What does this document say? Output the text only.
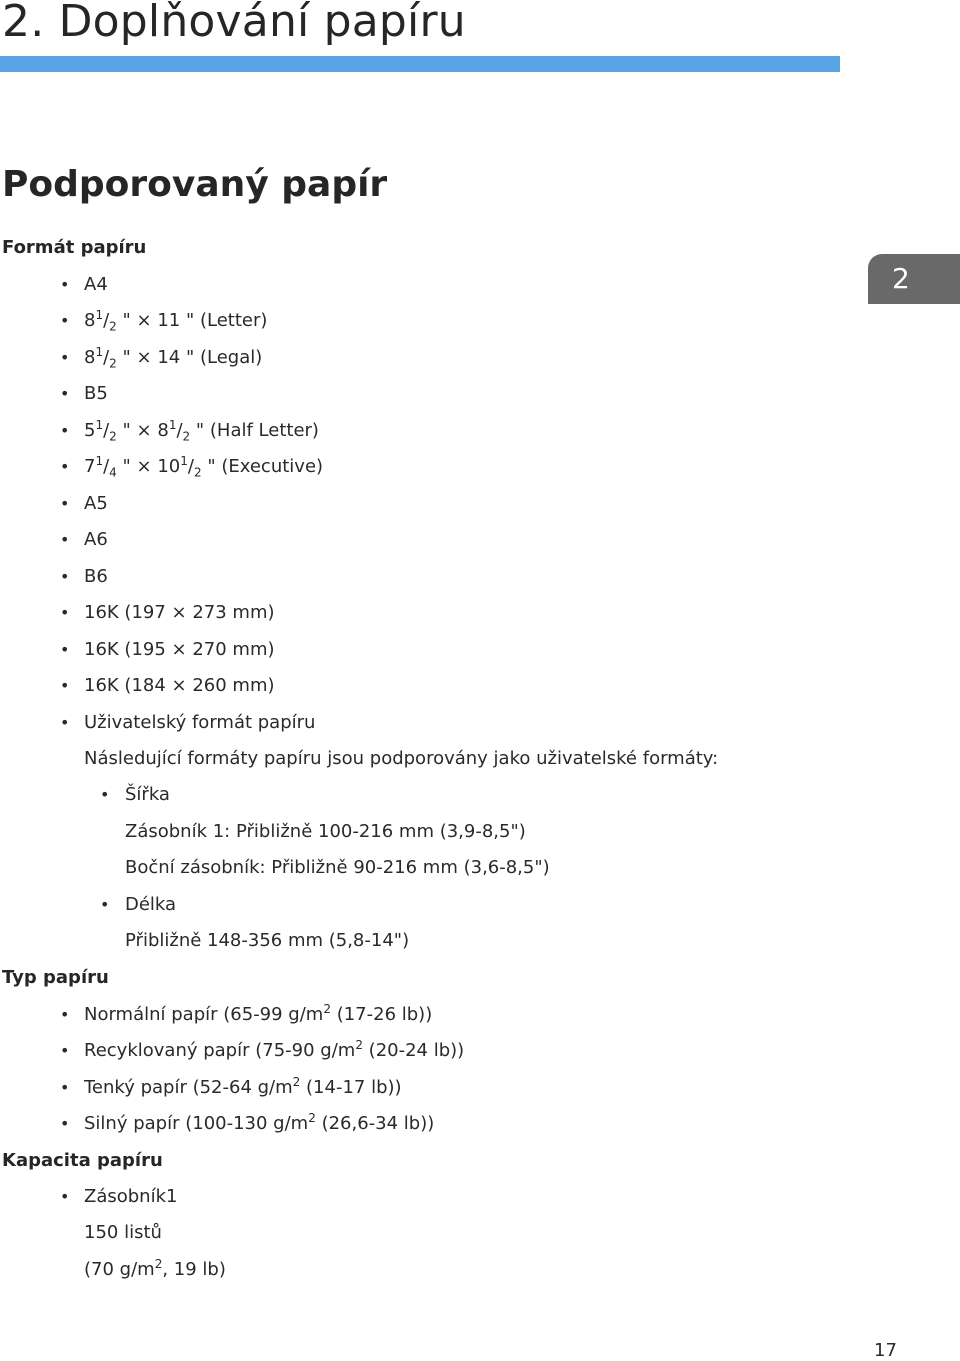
2. Doplňování papíru
2
Podporovaný papír
Formát papíru
• A4
• $8^1/_2$ " × 11 " (Letter)
• $8^1/_2$ " × 14 " (Legal)
• B5
• $5^1/_2$ " × $8^1/_2$ " (Half Letter)
• $7^1/_4$ " × $10^1/_2$ " (Executive)
• A5
• A6
• B6
• 16K (197 × 273 mm)
• 16K (195 × 270 mm)
• 16K (184 × 260 mm)
• Uživatelský formát papíru
Následující formáty papíru jsou podporovány jako uživatelské formáty:
• Šířka
Zásobník 1: Přibližně 100-216 mm (3,9-8,5")
Boční zásobník: Přibližně 90-216 mm (3,6-8,5")
• Délka
Přibližně 148-356 mm (5,8-14")
Typ papíru
• Normální papír (65-99 $g/m^2$ (17-26 lb))
• Recyklovaný papír (75-90 $g/m^2$ (20-24 lb))
• Tenký papír (52-64 $g/m^2$ (14-17 lb))
• Silný papír (100-130 $g/m^2$ (26,6-34 lb))
Kapacita papíru
• Zásobník1
150 listů
(70 $g/m^2$, 19 lb)
17
